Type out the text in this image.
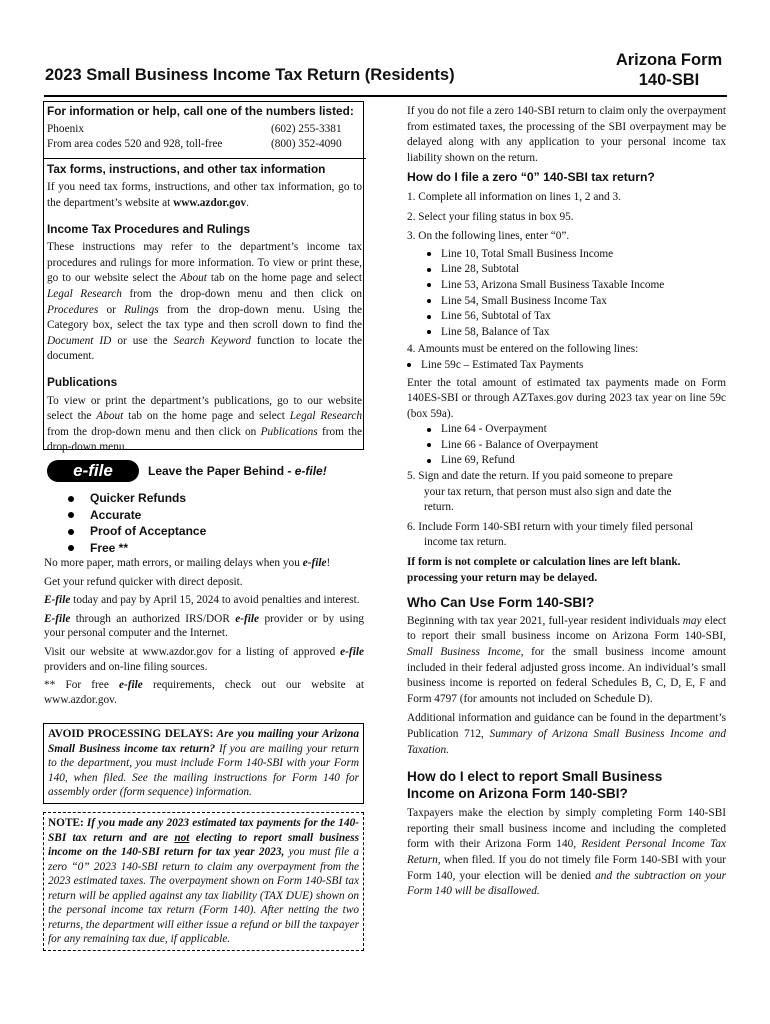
Arizona Form
140-SBI
2023 Small Business Income Tax Return (Residents)
For information or help, call one of the numbers listed:
Phoenix	(602) 255-3381
From area codes 520 and 928, toll-free	(800) 352-4090
Tax forms, instructions, and other tax information
If you need tax forms, instructions, and other tax information, go to the department’s website at www.azdor.gov.
Income Tax Procedures and Rulings
These instructions may refer to the department’s income tax procedures and rulings for more information. To view or print these, go to our website select the About tab on the home page and select Legal Research from the drop-down menu and then click on Procedures or Rulings from the drop-down menu. Using the Category box, select the tax type and then scroll down to find the Document ID or use the Search Keyword function to locate the document.
Publications
To view or print the department’s publications, go to our website select the About tab on the home page and select Legal Research from the drop-down menu and then click on Publications from the drop-down menu.
e-file	Leave the Paper Behind - e-file!
Quicker Refunds
Accurate
Proof of Acceptance
Free **
No more paper, math errors, or mailing delays when you e-file!
Get your refund quicker with direct deposit.
E-file today and pay by April 15, 2024 to avoid penalties and interest.
E-file through an authorized IRS/DOR e-file provider or by using your personal computer and the Internet.
Visit our website at www.azdor.gov for a listing of approved e-file providers and on-line filing sources.
** For free e-file requirements, check out our website at www.azdor.gov.
AVOID PROCESSING DELAYS: Are you mailing your Arizona Small Business income tax return? If you are mailing your return to the department, you must include Form 140-SBI with your Form 140, when filed. See the mailing instructions for Form 140 for assembly order (form sequence) information.
NOTE: If you made any 2023 estimated tax payments for the 140-SBI tax return and are not electing to report small business income on the 140-SBI return for tax year 2023, you must file a zero “0” 2023 140-SBI return to claim any overpayment from the 2023 estimated taxes. The overpayment shown on Form 140-SBI tax return will be applied against any tax liability (TAX DUE) shown on the personal income tax return (Form 140). After netting the two returns, the department will either issue a refund or bill the taxpayer for any remaining tax due, if applicable.
If you do not file a zero 140-SBI return to claim only the overpayment from estimated taxes, the processing of the SBI overpayment may be delayed along with any application to your personal income tax liability shown on the return.
How do I file a zero “0” 140-SBI tax return?
1. Complete all information on lines 1, 2 and 3.
2. Select your filing status in box 95.
3. On the following lines, enter “0”.
Line 10, Total Small Business Income
Line 28, Subtotal
Line 53, Arizona Small Business Taxable Income
Line 54, Small Business Income Tax
Line 56, Subtotal of Tax
Line 58, Balance of Tax
4. Amounts must be entered on the following lines:
Line 59c – Estimated Tax Payments
Enter the total amount of estimated tax payments made on Form 140ES-SBI or through AZTaxes.gov during 2023 tax year on line 59c (box 59a).
Line 64 - Overpayment
Line 66 - Balance of Overpayment
Line 69, Refund
5. Sign and date the return. If you paid someone to prepare
your tax return, that person must also sign and date the
return.
6. Include Form 140-SBI return with your timely filed personal
income tax return.
If form is not complete or calculation lines are left blank.
processing your return may be delayed.
Who Can Use Form 140-SBI?
Beginning with tax year 2021, full-year resident individuals may elect to report their small business income on Arizona Form 140-SBI, Small Business Income, for the small business income amount included in their federal adjusted gross income. An individual’s small business income is reported on federal Schedules B, C, D, E, F and Form 4797 (for amounts not included on Schedule D).
Additional information and guidance can be found in the department’s Publication 712, Summary of Arizona Small Business Income and Taxation.
How do I elect to report Small Business
Income on Arizona Form 140-SBI?
Taxpayers make the election by simply completing Form 140-SBI reporting their small business income and including the completed form with their Arizona Form 140, Resident Personal Income Tax Return, when filed. If you do not timely file Form 140-SBI with your Form 140, your election will be denied and the subtraction on your Form 140 will be disallowed.
